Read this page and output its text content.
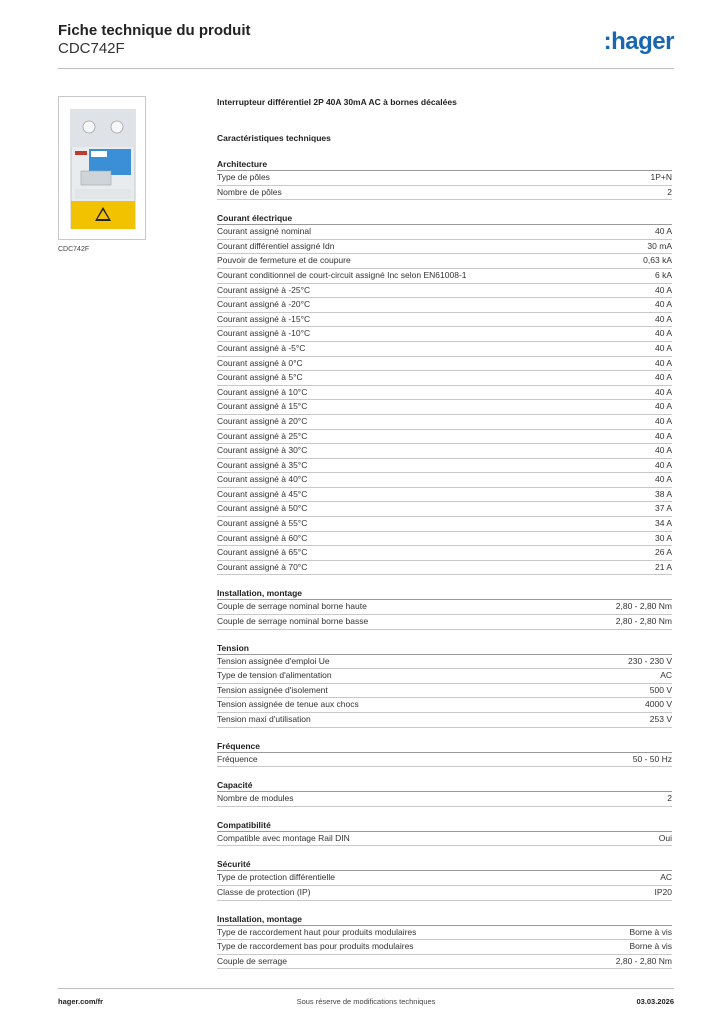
Fiche technique du produit
CDC742F	:hager
CDC742F
Interrupteur différentiel 2P 40A 30mA AC à bornes décalées
Caractéristiques techniques
Architecture
Type de pôles	1P+N
Nombre de pôles	2
Courant électrique
Courant assigné nominal	40 A
Courant différentiel assigné Idn	30 mA
Pouvoir de fermeture et de coupure	0,63 kA
Courant conditionnel de court-circuit assigné Inc selon EN61008-1	6 kA
Courant assigné à -25°C	40 A
Courant assigné à -20°C	40 A
Courant assigné à -15°C	40 A
Courant assigné à -10°C	40 A
Courant assigné à -5°C	40 A
Courant assigné à 0°C	40 A
Courant assigné à 5°C	40 A
Courant assigné à 10°C	40 A
Courant assigné à 15°C	40 A
Courant assigné à 20°C	40 A
Courant assigné à 25°C	40 A
Courant assigné à 30°C	40 A
Courant assigné à 35°C	40 A
Courant assigné à 40°C	40 A
Courant assigné à 45°C	38 A
Courant assigné à 50°C	37 A
Courant assigné à 55°C	34 A
Courant assigné à 60°C	30 A
Courant assigné à 65°C	26 A
Courant assigné à 70°C	21 A
Installation, montage
Couple de serrage nominal borne haute	2,80 - 2,80 Nm
Couple de serrage nominal borne basse	2,80 - 2,80 Nm
Tension
Tension assignée d'emploi Ue	230 - 230 V
Type de tension d'alimentation	AC
Tension assignée d'isolement	500 V
Tension assignée de tenue aux chocs	4000 V
Tension maxi d'utilisation	253 V
Fréquence
Fréquence	50 - 50 Hz
Capacité
Nombre de modules	2
Compatibilité
Compatible avec montage Rail DIN	Oui
Sécurité
Type de protection différentielle	AC
Classe de protection (IP)	IP20
Installation, montage
Type de raccordement haut pour produits modulaires	Borne à vis
Type de raccordement bas pour produits modulaires	Borne à vis
Couple de serrage	2,80 - 2,80 Nm
hager.com/fr	Sous réserve de modifications techniques	03.03.2026
